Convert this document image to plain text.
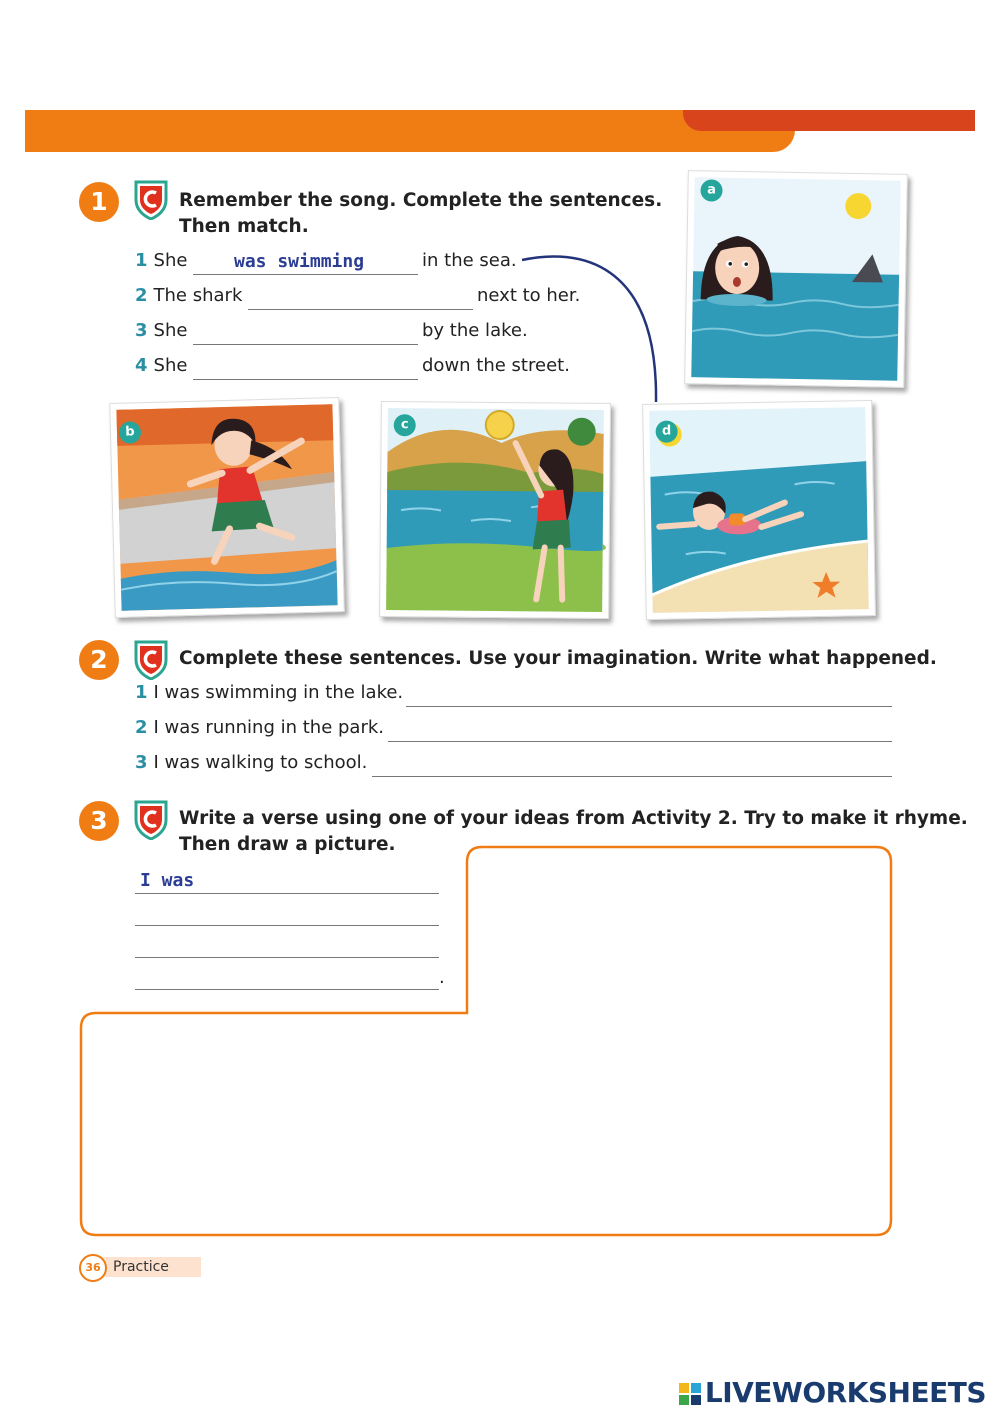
1	Remember the song. Complete the sentences.
Then match.
1 She	was swimming	in the sea.
2 The shark	next to her.
3 She	by the lake.
4 She	down the street.
a
b	c	d
2	Complete these sentences. Use your imagination. Write what happened.
1 I was swimming in the lake.
2 I was running in the park.
3 I was walking to school.
3	Write a verse using one of your ideas from Activity 2. Try to make it rhyme.
Then draw a picture.
I was
.
Practice
36
LIVEWORKSHEETS
